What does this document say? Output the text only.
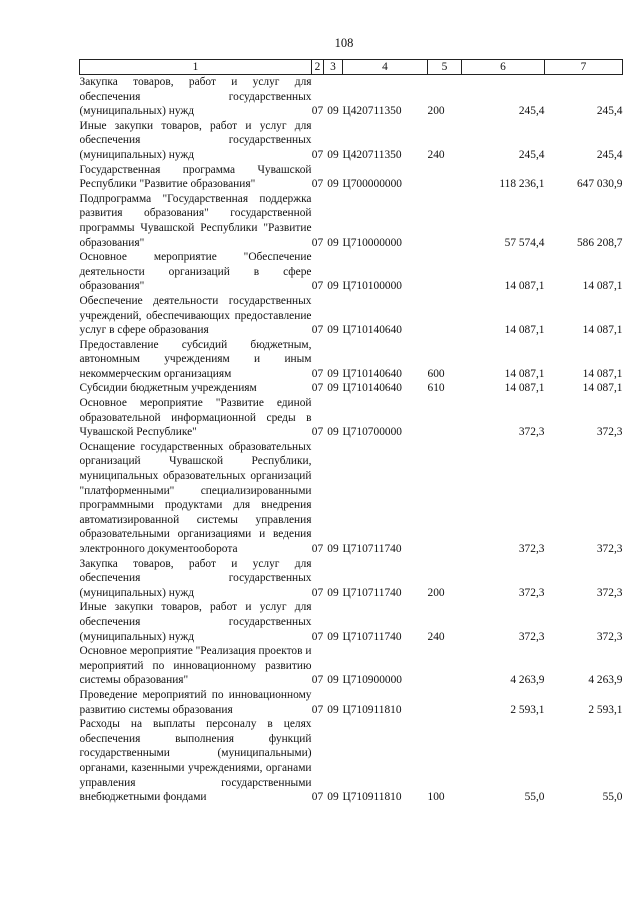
108
1	2	3	4	5	6	7
Закупка товаров, работ и услуг для обеспечения государственных (муниципальных) нужд	07	09	Ц420711350	200	245,4	245,4
Иные закупки товаров, работ и услуг для обеспечения государственных (муниципальных) нужд	07	09	Ц420711350	240	245,4	245,4
Государственная программа Чувашской Республики "Развитие образования"	07	09	Ц700000000		118 236,1	647 030,9
Подпрограмма "Государственная поддержка развития образования" государственной программы Чувашской Республики "Развитие образования"	07	09	Ц710000000		57 574,4	586 208,7
Основное мероприятие "Обеспечение деятельности организаций в сфере образования"	07	09	Ц710100000		14 087,1	14 087,1
Обеспечение деятельности государственных учреждений, обеспечивающих предоставление услуг в сфере образования	07	09	Ц710140640		14 087,1	14 087,1
Предоставление субсидий бюджетным, автономным учреждениям и иным некоммерческим организациям	07	09	Ц710140640	600	14 087,1	14 087,1
Субсидии бюджетным учреждениям	07	09	Ц710140640	610	14 087,1	14 087,1
Основное мероприятие "Развитие единой образовательной информационной среды в Чувашской Республике"	07	09	Ц710700000		372,3	372,3
Оснащение государственных образовательных организаций Чувашской Республики, муниципальных образовательных организаций "платформенными" специализированными программными продуктами для внедрения автоматизированной системы управления образовательными организациями и ведения электронного документооборота	07	09	Ц710711740		372,3	372,3
Закупка товаров, работ и услуг для обеспечения государственных (муниципальных) нужд	07	09	Ц710711740	200	372,3	372,3
Иные закупки товаров, работ и услуг для обеспечения государственных (муниципальных) нужд	07	09	Ц710711740	240	372,3	372,3
Основное мероприятие "Реализация проектов и мероприятий по инновационному развитию системы образования"	07	09	Ц710900000		4 263,9	4 263,9
Проведение мероприятий по инновационному развитию системы образования	07	09	Ц710911810		2 593,1	2 593,1
Расходы на выплаты персоналу в целях обеспечения выполнения функций государственными (муниципальными) органами, казенными учреждениями, органами управления государственными внебюджетными фондами	07	09	Ц710911810	100	55,0	55,0
